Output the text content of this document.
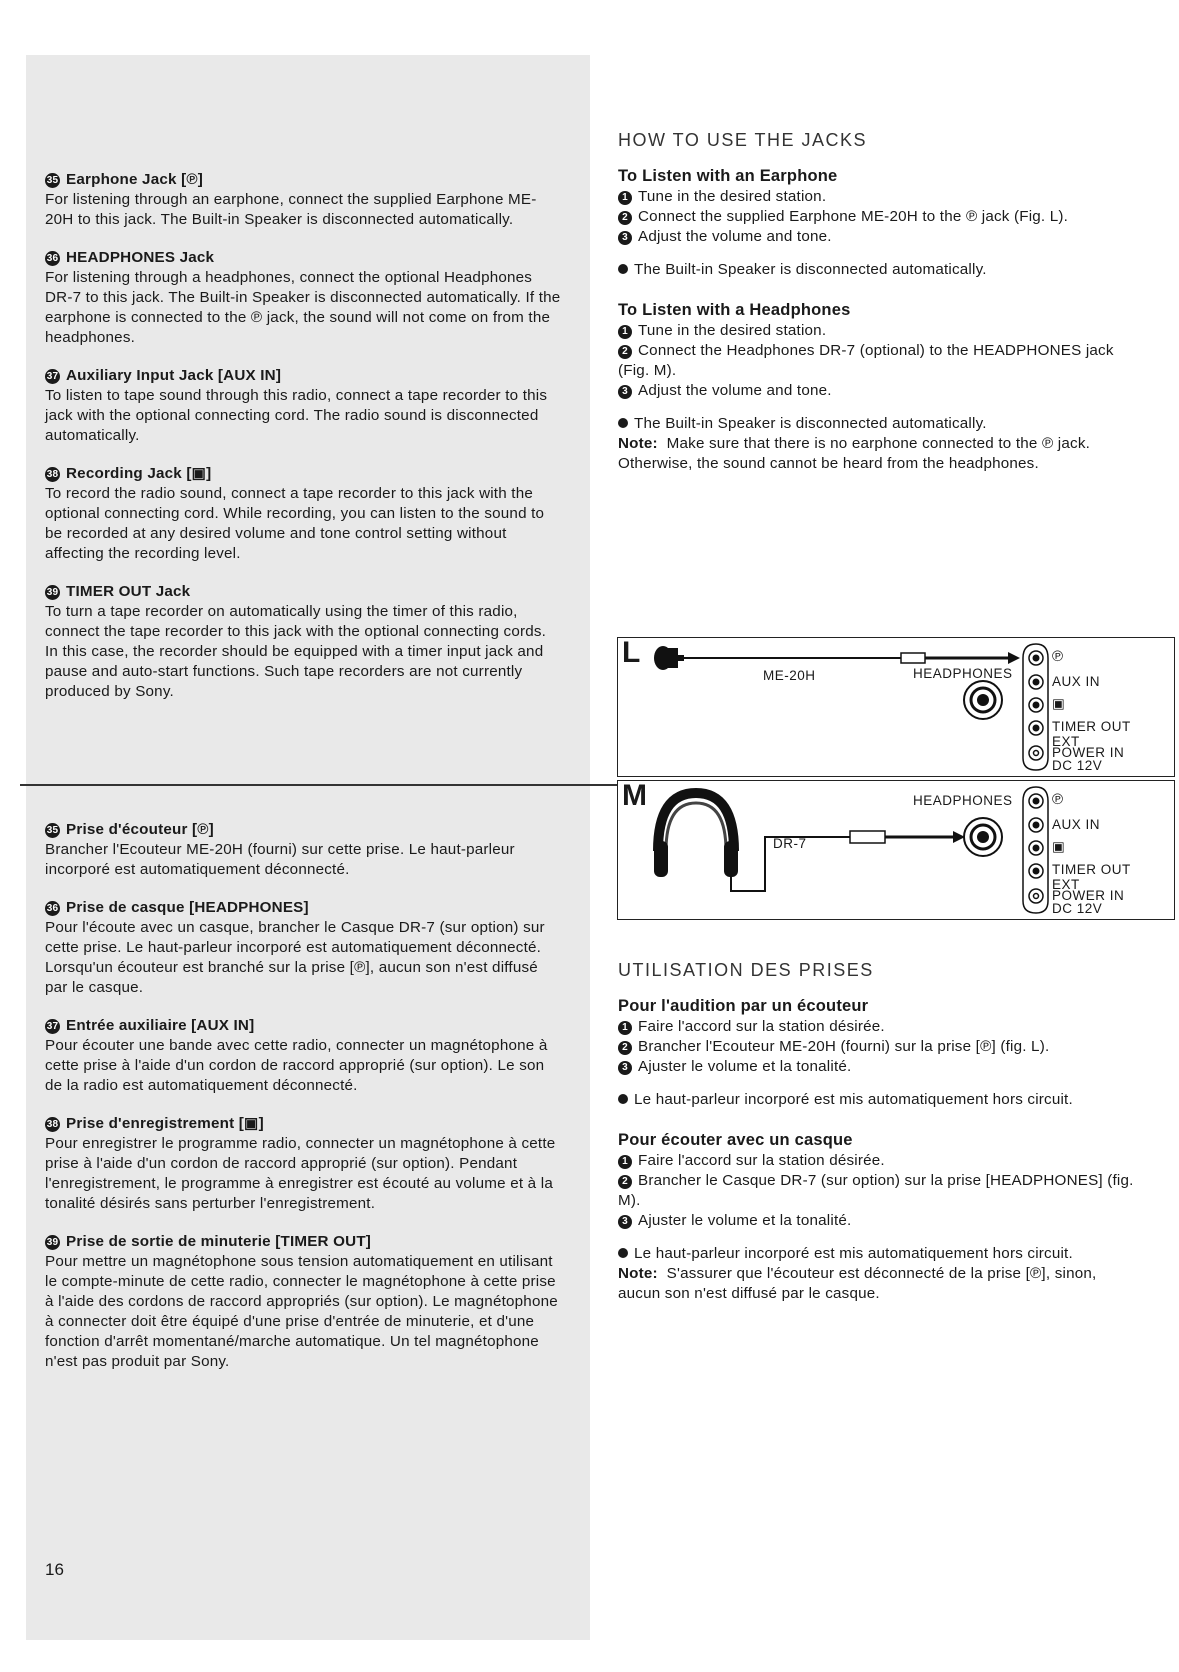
35 Earphone Jack [℗]
For listening through an earphone, connect the supplied Earphone ME-20H to this jack. The Built-in Speaker is disconnected automatically.
36 HEADPHONES Jack
For listening through a headphones, connect the optional Headphones DR-7 to this jack. The Built-in Speaker is disconnected automatically. If the earphone is connected to the ℗ jack, the sound will not come on from the headphones.
37 Auxiliary Input Jack [AUX IN]
To listen to tape sound through this radio, connect a tape recorder to this jack with the optional connecting cord. The radio sound is disconnected automatically.
38 Recording Jack [▣]
To record the radio sound, connect a tape recorder to this jack with the optional connecting cord. While recording, you can listen to the sound to be recorded at any desired volume and tone control setting without affecting the recording level.
39 TIMER OUT Jack
To turn a tape recorder on automatically using the timer of this radio, connect the tape recorder to this jack with the optional connecting cords. In this case, the recorder should be equipped with a timer input jack and pause and auto-start functions. Such tape recorders are not currently produced by Sony.
35 Prise d'écouteur [℗]
Brancher l'Ecouteur ME-20H (fourni) sur cette prise. Le haut-parleur incorporé est automatiquement déconnecté.
36 Prise de casque [HEADPHONES]
Pour l'écoute avec un casque, brancher le Casque DR-7 (sur option) sur cette prise. Le haut-parleur incorporé est automatiquement déconnecté. Lorsqu'un écouteur est branché sur la prise [℗], aucun son n'est diffusé par le casque.
37 Entrée auxiliaire [AUX IN]
Pour écouter une bande avec cette radio, connecter un magnétophone à cette prise à l'aide d'un cordon de raccord approprié (sur option). Le son de la radio est automatiquement déconnecté.
38 Prise d'enregistrement [▣]
Pour enregistrer le programme radio, connecter un magnétophone à cette prise à l'aide d'un cordon de raccord approprié (sur option). Pendant l'enregistrement, le programme à enregistrer est écouté au volume et à la tonalité désirés sans perturber l'enregistrement.
39 Prise de sortie de minuterie [TIMER OUT]
Pour mettre un magnétophone sous tension automatiquement en utilisant le compte-minute de cette radio, connecter le magnétophone à cette prise à l'aide des cordons de raccord appropriés (sur option). Le magnétophone à connecter doit être équipé d'une prise d'entrée de minuterie, et d'une fonction d'arrêt momentané/marche automatique. Un tel magnétophone n'est pas produit par Sony.
16
HOW TO USE THE JACKS
To Listen with an Earphone
1 Tune in the desired station.
2 Connect the supplied Earphone ME-20H to the ℗ jack (Fig. L).
3 Adjust the volume and tone.
The Built-in Speaker is disconnected automatically.
To Listen with a Headphones
1 Tune in the desired station.
2 Connect the Headphones DR-7 (optional) to the HEADPHONES jack (Fig. M).
3 Adjust the volume and tone.
The Built-in Speaker is disconnected automatically.
Note: Make sure that there is no earphone connected to the ℗ jack. Otherwise, the sound cannot be heard from the headphones.
L
ME-20H	HEADPHONES
℗
AUX IN
▣
TIMER OUT
EXT
POWER IN
DC 12V
M
DR-7
HEADPHONES	℗
AUX IN
▣
TIMER OUT
EXT
POWER IN
DC 12V
UTILISATION DES PRISES
Pour l'audition par un écouteur
1 Faire l'accord sur la station désirée.
2 Brancher l'Ecouteur ME-20H (fourni) sur la prise [℗] (fig. L).
3 Ajuster le volume et la tonalité.
Le haut-parleur incorporé est mis automatiquement hors circuit.
Pour écouter avec un casque
1 Faire l'accord sur la station désirée.
2 Brancher le Casque DR-7 (sur option) sur la prise [HEADPHONES] (fig. M).
3 Ajuster le volume et la tonalité.
Le haut-parleur incorporé est mis automatiquement hors circuit.
Note: S'assurer que l'écouteur est déconnecté de la prise [℗], sinon, aucun son n'est diffusé par le casque.
